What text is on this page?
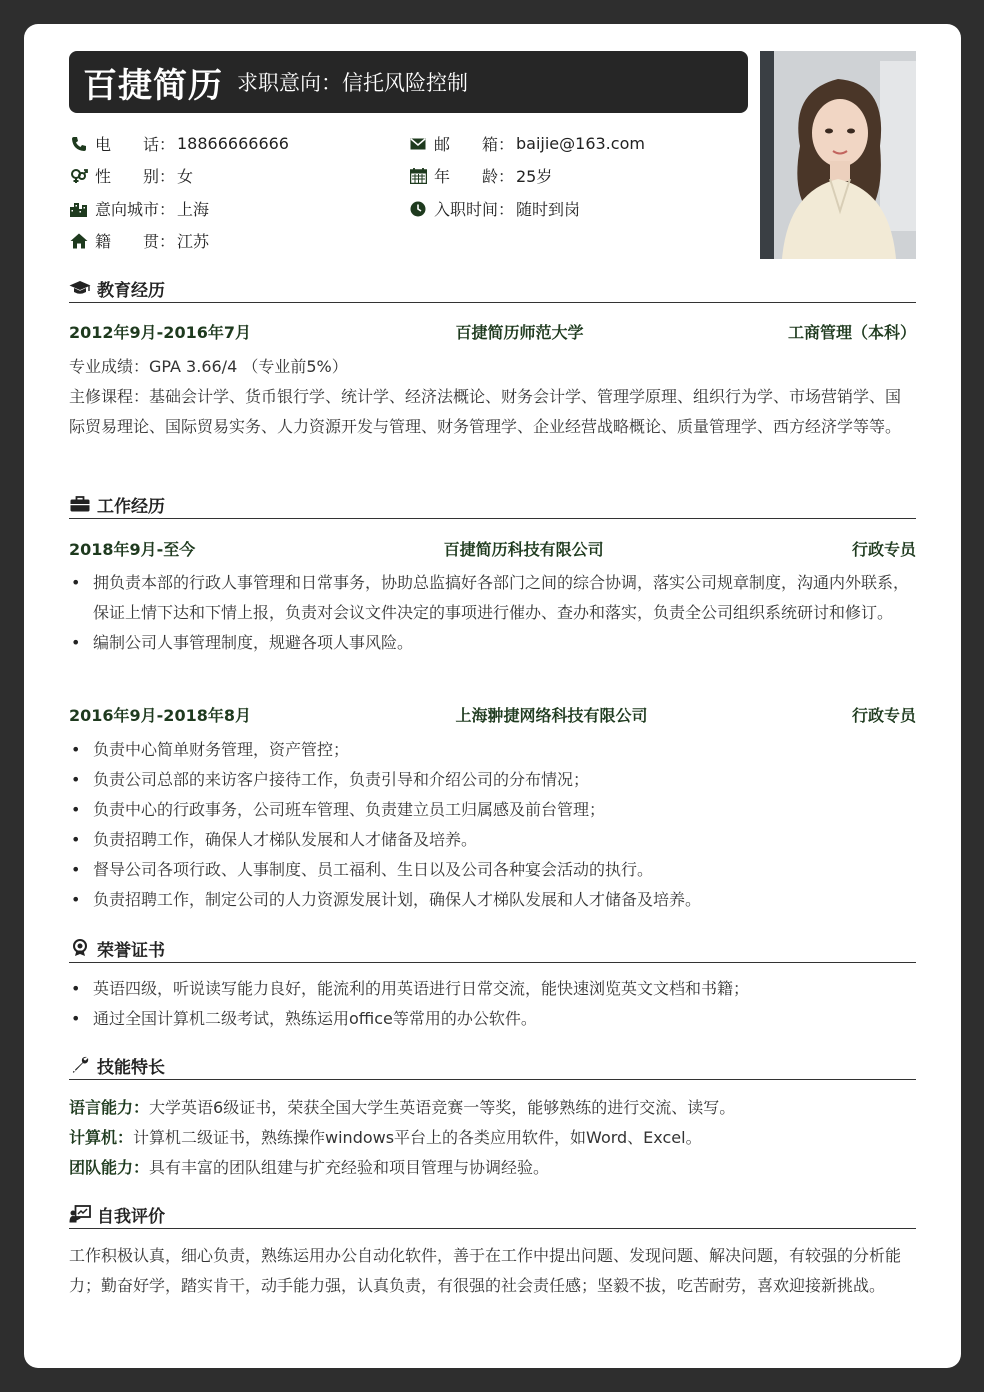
百捷简历 求职意向：信托风险控制
电　　话： 18866666666	邮　　箱： baijie@163.com
性　　别： 女	年　　龄： 25岁
意向城市： 上海	入职时间： 随时到岗
籍　　贯： 江苏
教育经历
2012年9月-2016年7月	百捷简历师范大学	工商管理（本科）
专业成绩：GPA 3.66/4 （专业前5%）
主修课程：基础会计学、货币银行学、统计学、经济法概论、财务会计学、管理学原理、组织行为学、市场营销学、国际贸易理论、国际贸易实务、人力资源开发与管理、财务管理学、企业经营战略概论、质量管理学、西方经济学等等。
工作经历
2018年9月-至今	百捷简历科技有限公司	行政专员
• 拥负责本部的行政人事管理和日常事务，协助总监搞好各部门之间的综合协调，落实公司规章制度，沟通内外联系，保证上情下达和下情上报，负责对会议文件决定的事项进行催办、查办和落实，负责全公司组织系统研讨和修订。
• 编制公司人事管理制度，规避各项人事风险。
2016年9月-2018年8月	上海翀捷网络科技有限公司	行政专员
• 负责中心简单财务管理，资产管控；
• 负责公司总部的来访客户接待工作，负责引导和介绍公司的分布情况；
• 负责中心的行政事务，公司班车管理、负责建立员工归属感及前台管理；
• 负责招聘工作，确保人才梯队发展和人才储备及培养。
• 督导公司各项行政、人事制度、员工福利、生日以及公司各种宴会活动的执行。
• 负责招聘工作，制定公司的人力资源发展计划，确保人才梯队发展和人才储备及培养。
荣誉证书
• 英语四级，听说读写能力良好，能流利的用英语进行日常交流，能快速浏览英文文档和书籍；
• 通过全国计算机二级考试，熟练运用office等常用的办公软件。
技能特长
语言能力：大学英语6级证书，荣获全国大学生英语竞赛一等奖，能够熟练的进行交流、读写。
计算机：计算机二级证书，熟练操作windows平台上的各类应用软件，如Word、Excel。
团队能力：具有丰富的团队组建与扩充经验和项目管理与协调经验。
自我评价
工作积极认真，细心负责，熟练运用办公自动化软件，善于在工作中提出问题、发现问题、解决问题，有较强的分析能力；勤奋好学，踏实肯干，动手能力强，认真负责，有很强的社会责任感；坚毅不拔，吃苦耐劳，喜欢迎接新挑战。
